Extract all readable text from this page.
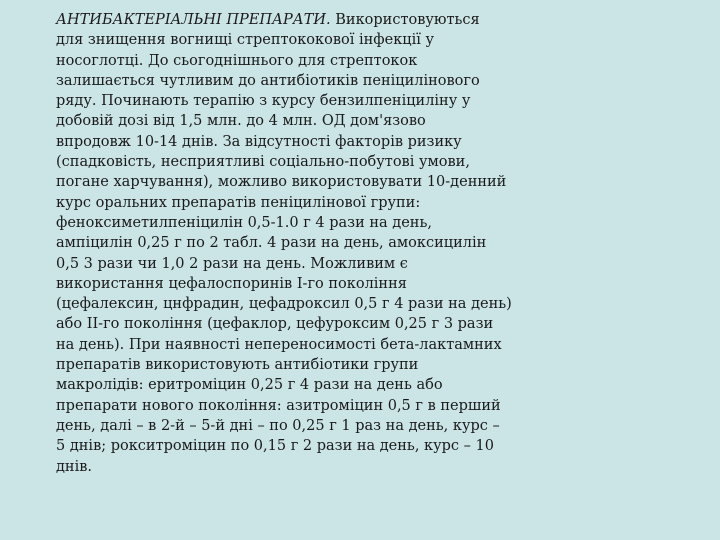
АНТИБАКТЕРІАЛЬНІ ПРЕПАРАТИ. Використовуються
для знищення вогнищі стрептококової інфекції у
носоглотці. До сьогоднішнього для стрептокок
залишається чутливим до антибіотиків пеніцилінового
ряду. Починають терапію з курсу бензилпеніциліну у
добовій дозі від 1,5 млн. до 4 млн. ОД дом'язово
впродовж 10-14 днів. За відсутності факторів ризику
(спадковість, несприятливі соціально-побутові умови,
погане харчування), можливо використовувати 10-денний
курс оральних препаратів пеніцилінової групи:
феноксиметилпеніцилін 0,5-1.0 г 4 рази на день,
ампіцилін 0,25 г по 2 табл. 4 рази на день, амоксицилін
0,5 3 рази чи 1,0 2 рази на день. Можливим є
використання цефалоспоринів І-го покоління
(цефалексин, цнфрадин, цефадроксил 0,5 г 4 рази на день)
або ІІ-го покоління (цефаклор, цефуроксим 0,25 г 3 рази
на день). При наявності непереносимості бета-лактамних
препаратів використовують антибіотики групи
макролідів: еритроміцин 0,25 г 4 рази на день або
препарати нового покоління: азитроміцин 0,5 г в перший
день, далі – в 2-й – 5-й дні – по 0,25 г 1 раз на день, курс –
5 днів; рокситроміцин по 0,15 г 2 рази на день, курс – 10
днів.
